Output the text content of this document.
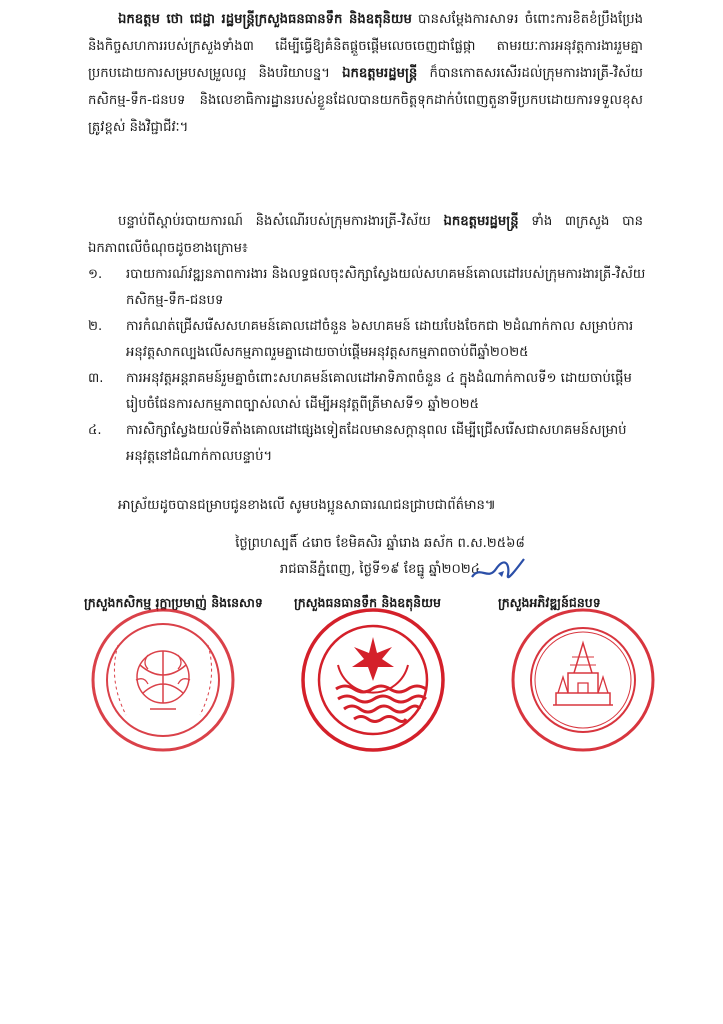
ឯកឧត្តម ថោ ជេដ្ឋា រដ្ឋមន្ត្រីក្រសួងធនធានទឹក និងឧតុនិយម បានសម្តែងការសាទរ ចំពោះការខិតខំប្រឹងប្រែង និងកិច្ចសហការរបស់ក្រសួងទាំង៣ ដើម្បីធ្វើឱ្យគំនិតផ្តួចផ្តើមលេចចេញជាផ្លែផ្កា តាមរយៈការអនុវត្តការងាររួមគ្នាប្រកបដោយការសម្របសម្រួលល្អ និងបរិយាបន្ន។ ឯកឧត្តមរដ្ឋមន្ត្រី ក៏បានកោតសរសើរដល់ក្រុមការងារត្រី-វិស័យ កសិកម្ម-ទឹក-ជនបទ និងលេខាធិការដ្ឋានរបស់ខ្លួនដែលបានយកចិត្តទុកដាក់បំពេញតួនាទីប្រកបដោយការទទួលខុសត្រូវខ្ពស់ និងវិជ្ជាជីវៈ។

បន្ទាប់ពីស្តាប់របាយការណ៍ និងសំណើរបស់ក្រុមការងារត្រី-វិស័យ ឯកឧត្តមរដ្ឋមន្ត្រី ទាំង ៣ក្រសួង បានឯកភាពលើចំណុចដូចខាងក្រោម៖

១. របាយការណ៍វឌ្ឍនភាពការងារ និងលទ្ធផលចុះសិក្សាស្វែងយល់សហគមន៍គោលដៅរបស់ក្រុមការងារត្រី-វិស័យ កសិកម្ម-ទឹក-ជនបទ
២. ការកំណត់ជ្រើសរើសសហគមន៍គោលដៅចំនួន ៦សហគមន៍ ដោយបែងចែកជា ២ដំណាក់កាល សម្រាប់ការអនុវត្តសាកល្បងលើសកម្មភាពរួមគ្នាដោយចាប់ផ្តើមអនុវត្តសកម្មភាពចាប់ពីឆ្នាំ២០២៥
៣. ការអនុវត្តអន្តរាគមន៍រួមគ្នាចំពោះសហគមន៍គោលដៅអាទិភាពចំនួន ៤ ក្នុងដំណាក់កាលទី១ ដោយចាប់ផ្តើមរៀបចំផែនការសកម្មភាពច្បាស់លាស់ ដើម្បីអនុវត្តពីត្រីមាសទី១ ឆ្នាំ២០២៥
៤. ការសិក្សាស្វែងយល់ទីតាំងគោលដៅផ្សេងទៀតដែលមានសក្តានុពល ដើម្បីជ្រើសរើសជាសហគមន៍សម្រាប់អនុវត្តនៅដំណាក់កាលបន្ទាប់។
អាស្រ័យដូចបានជម្រាបជូនខាងលើ សូមបងប្អូនសាធារណជនជ្រាបជាព័ត៌មាន៕
ថ្ងៃព្រហស្បតិ៍ ៤រោច ខែមិគសិរ ឆ្នាំរោង ឆស័ក ព.ស.២៥៦៨
រាជធានីភ្នំពេញ, ថ្ងៃទី១៩ ខែធ្នូ ឆ្នាំ២០២៤
ក្រសួងកសិកម្ម រុក្ខាប្រមាញ់ និងនេសាទ ក្រសួងធនធានទឹក និងឧតុនិយម	ក្រសួងអភិវឌ្ឍន៍ជនបទ
